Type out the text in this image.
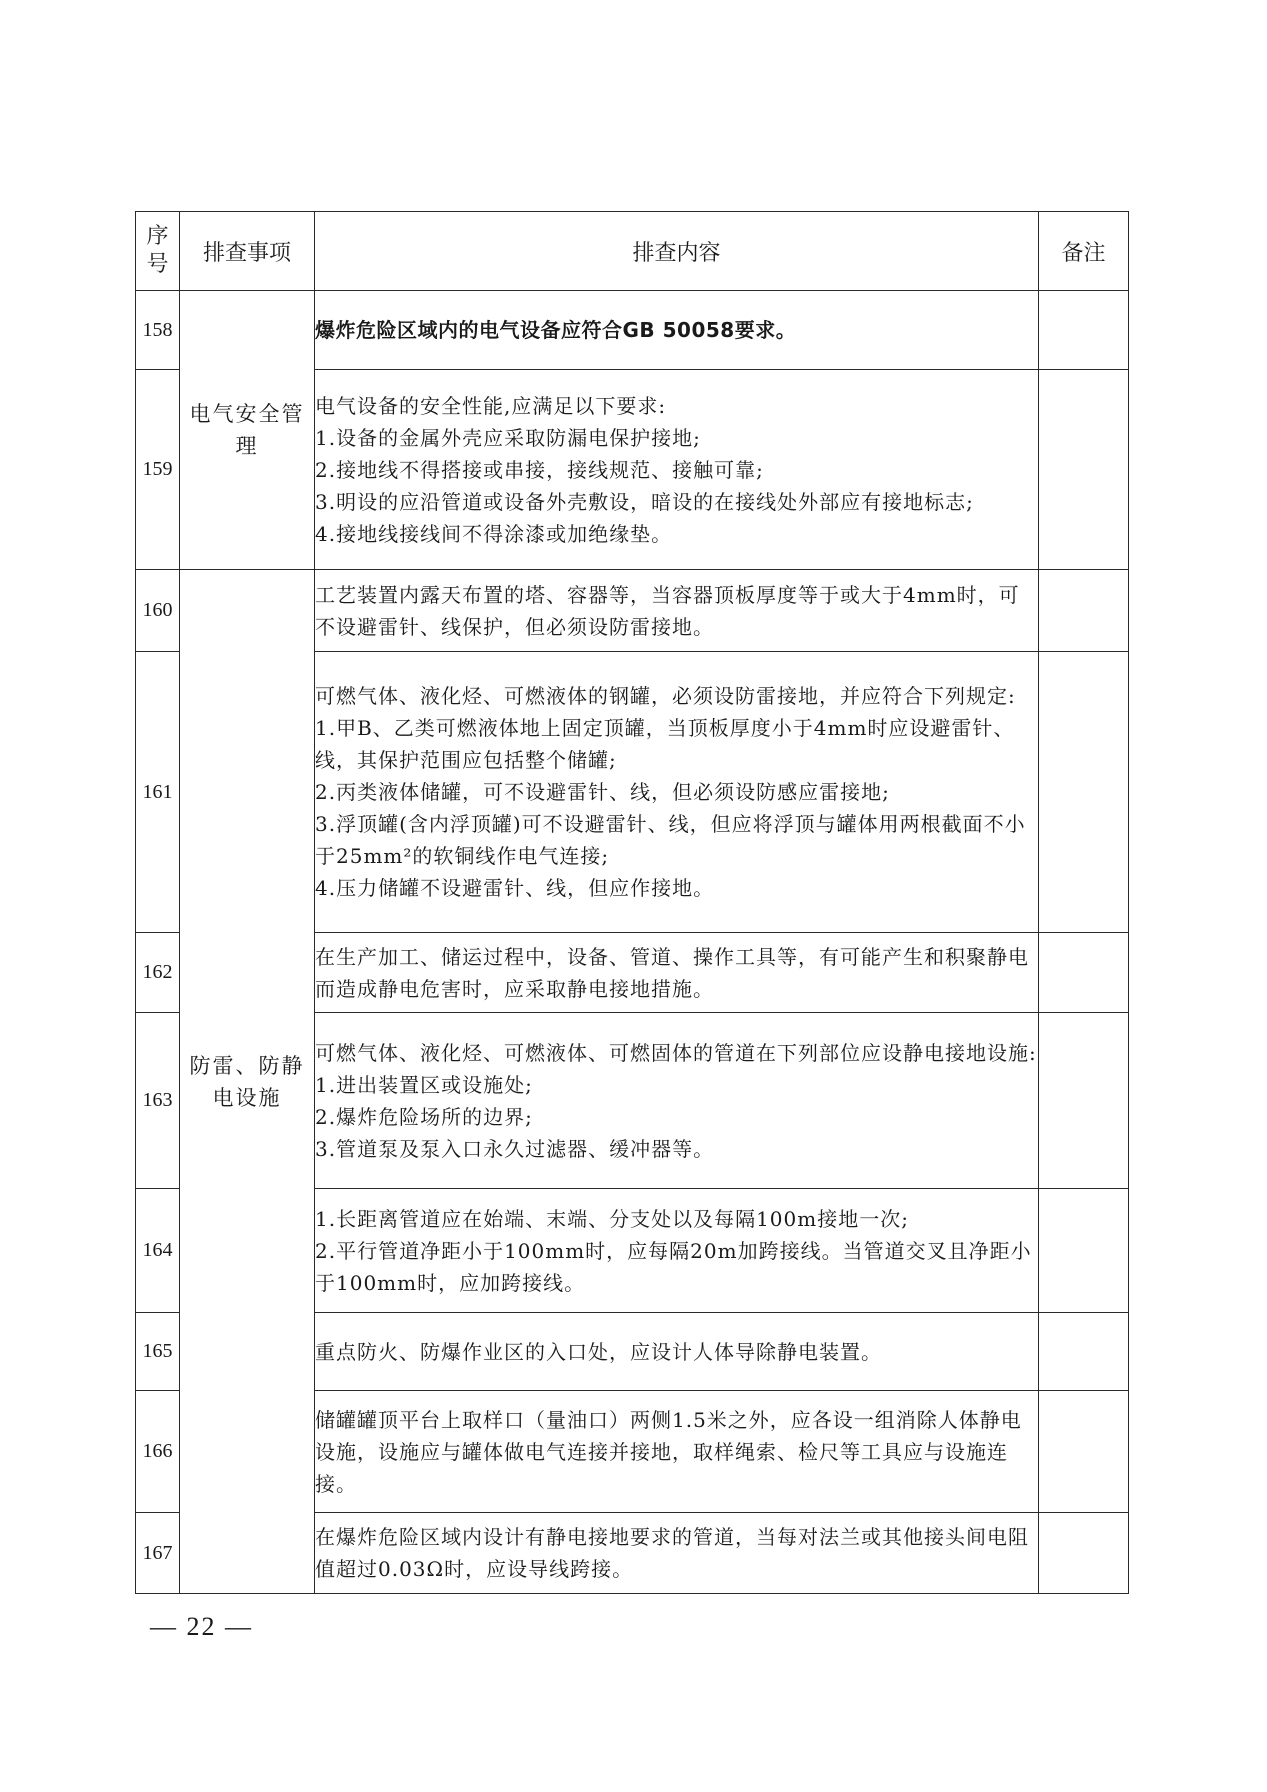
序号	排查事项	排查内容	备注
158	电气安全管理	爆炸危险区域内的电气设备应符合GB 50058要求。	

159		电气设备的安全性能,应满足以下要求:
1.设备的金属外壳应采取防漏电保护接地;
2.接地线不得搭接或串接，接线规范、接触可靠;
3.明设的应沿管道或设备外壳敷设，暗设的在接线处外部应有接地标志;
4.接地线接线间不得涂漆或加绝缘垫。	

160	防雷、防静电设施	工艺装置内露天布置的塔、容器等，当容器顶板厚度等于或大于4mm时，可不设避雷针、线保护，但必须设防雷接地。	

161		可燃气体、液化烃、可燃液体的钢罐，必须设防雷接地，并应符合下列规定:
1.甲B、乙类可燃液体地上固定顶罐，当顶板厚度小于4mm时应设避雷针、线，其保护范围应包括整个储罐;
2.丙类液体储罐，可不设避雷针、线，但必须设防感应雷接地;
3.浮顶罐(含内浮顶罐)可不设避雷针、线，但应将浮顶与罐体用两根截面不小于25mm²的软铜线作电气连接;
4.压力储罐不设避雷针、线，但应作接地。	

162		在生产加工、储运过程中，设备、管道、操作工具等，有可能产生和积聚静电而造成静电危害时，应采取静电接地措施。	

163		可燃气体、液化烃、可燃液体、可燃固体的管道在下列部位应设静电接地设施:
1.进出装置区或设施处;
2.爆炸危险场所的边界;
3.管道泵及泵入口永久过滤器、缓冲器等。	

164		1.长距离管道应在始端、末端、分支处以及每隔100m接地一次;
2.平行管道净距小于100mm时，应每隔20m加跨接线。当管道交叉且净距小于100mm时，应加跨接线。	

165		重点防火、防爆作业区的入口处，应设计人体导除静电装置。	

166		储罐罐顶平台上取样口（量油口）两侧1.5米之外，应各设一组消除人体静电设施，设施应与罐体做电气连接并接地，取样绳索、检尺等工具应与设施连接。	

167		在爆炸危险区域内设计有静电接地要求的管道，当每对法兰或其他接头间电阻值超过0.03Ω时，应设导线跨接。	

— 22 —
